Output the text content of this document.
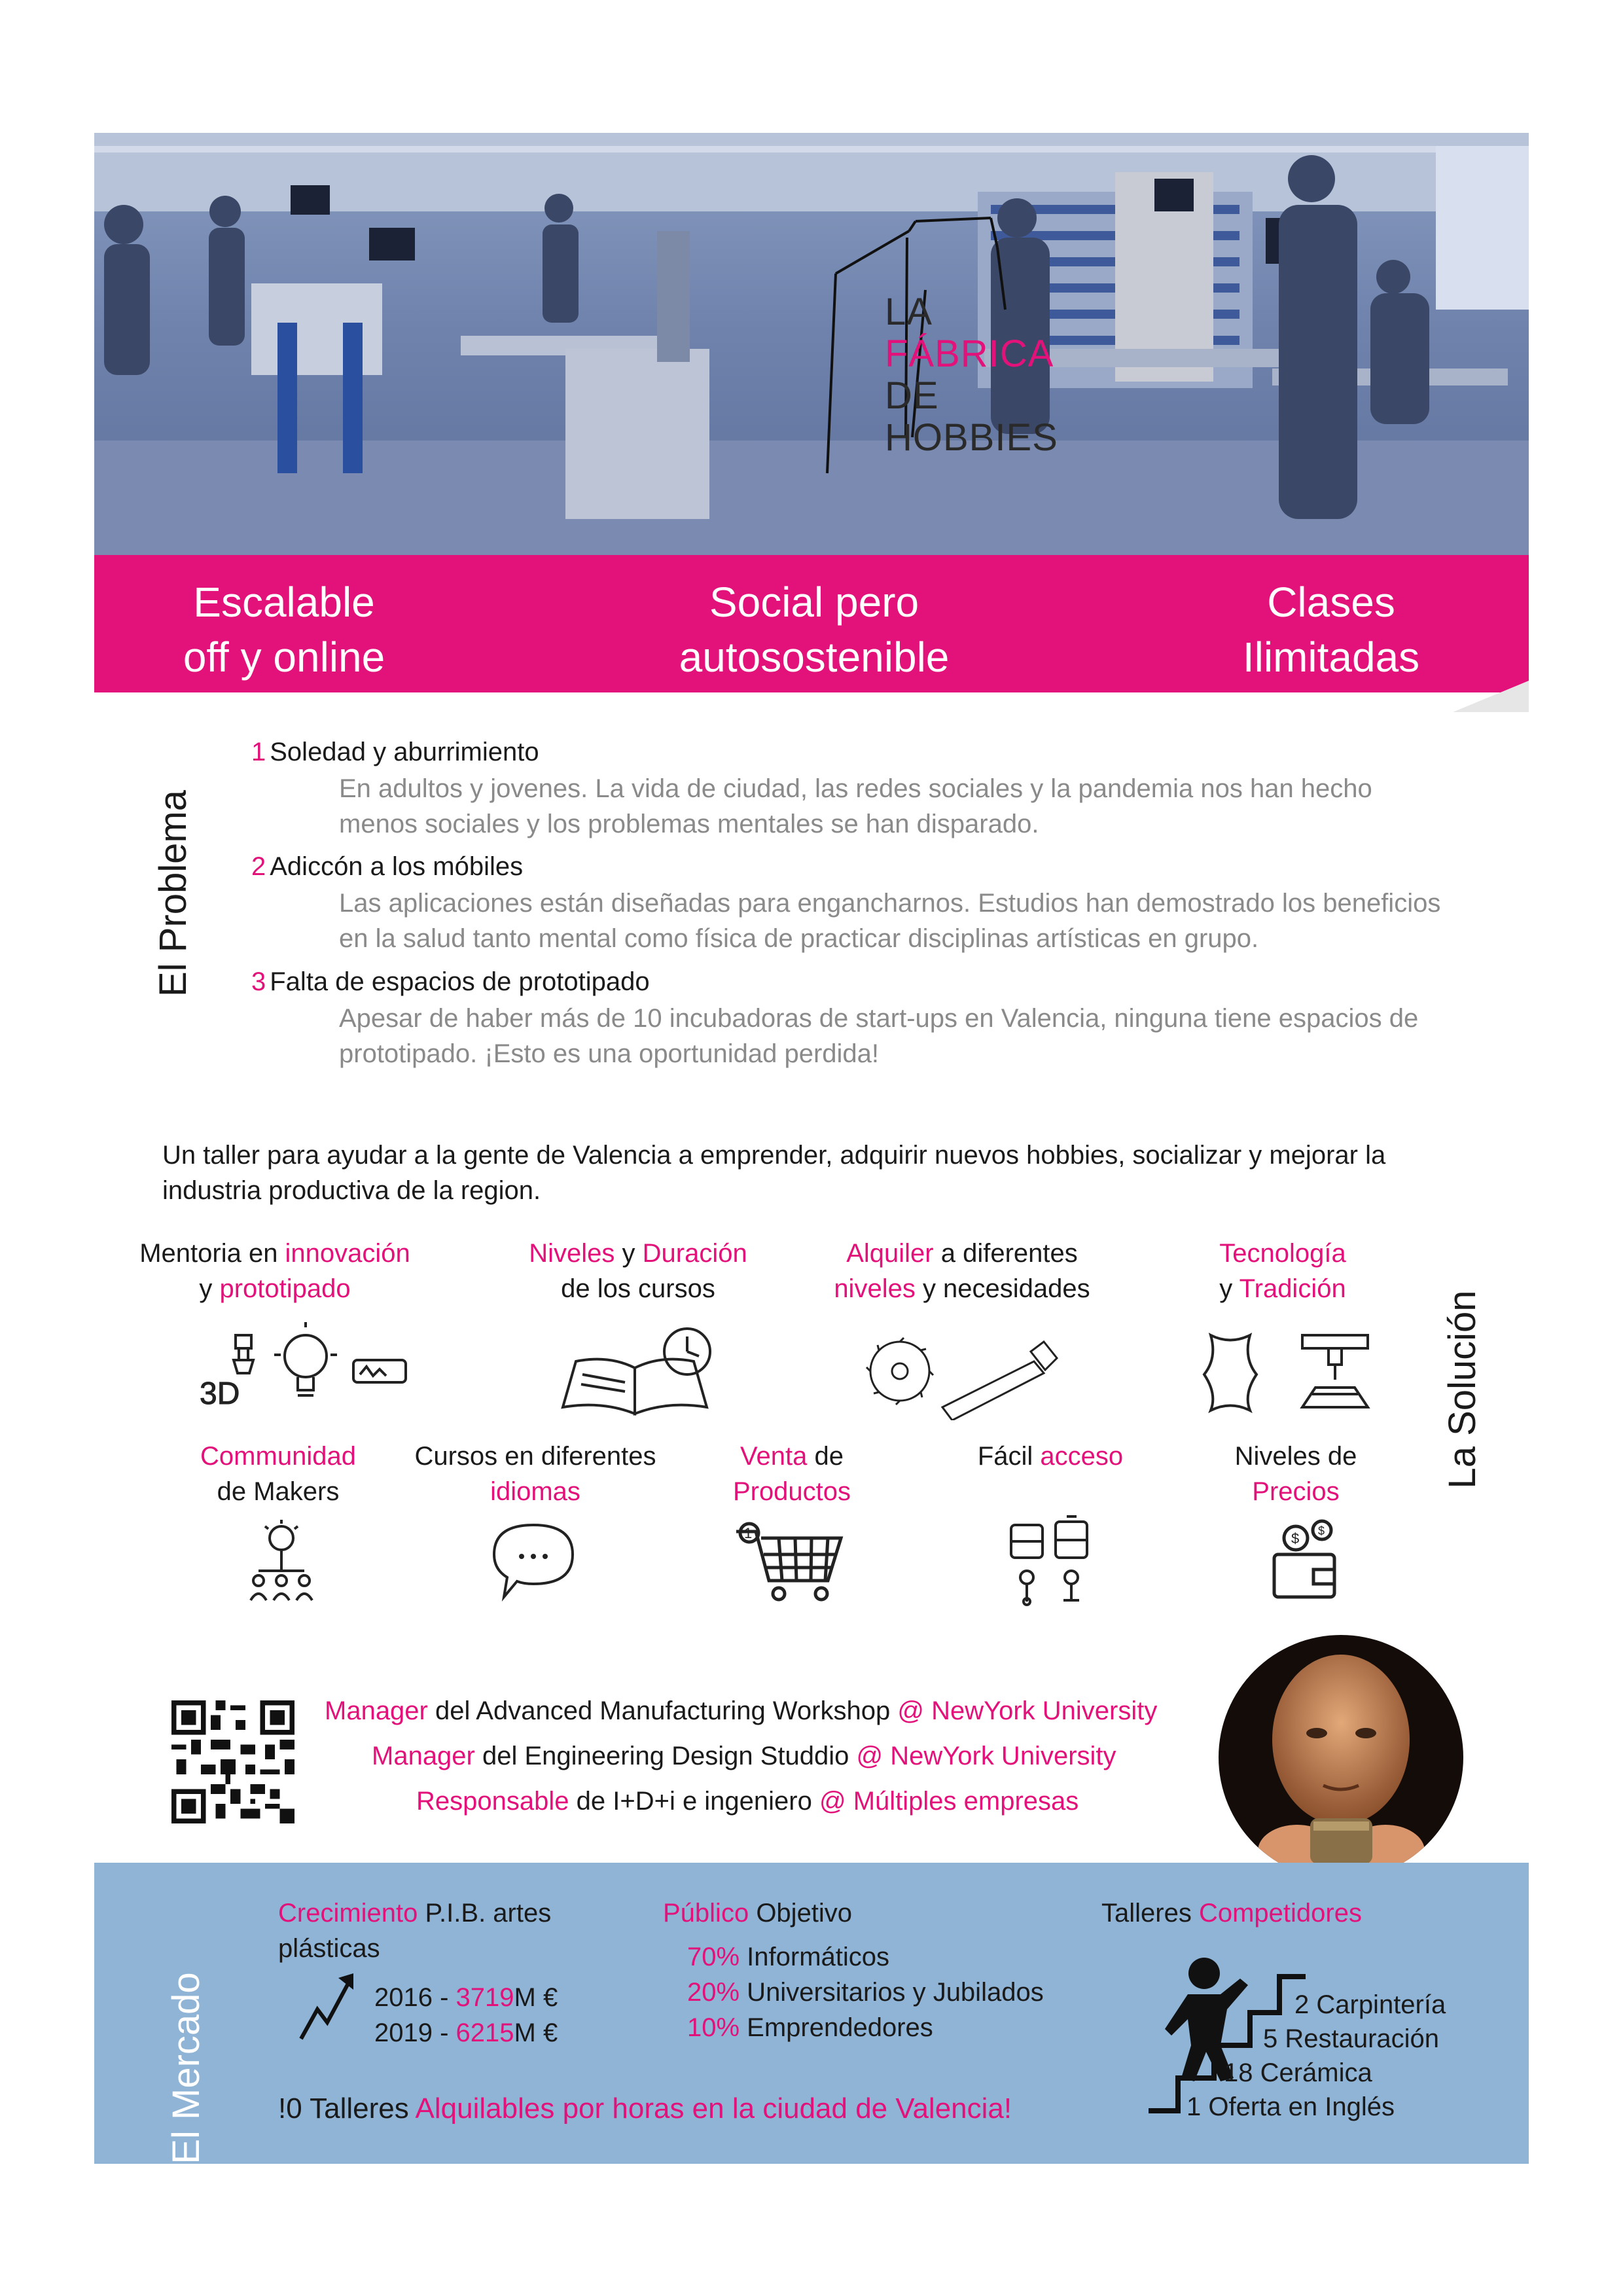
LA
FÁBRICA
DE
HOBBIES
Escalable
off y online
Social pero
autosostenible
Clases
Ilimitadas
El Problema
1 Soledad y aburrimiento
En adultos y jovenes. La vida de ciudad, las redes sociales y la pandemia nos han hecho
menos sociales y los problemas mentales se han disparado.
2 Adiccón a los móbiles
Las aplicaciones están diseñadas para engancharnos. Estudios han demostrado los beneficios
en la salud tanto mental como física de practicar disciplinas artísticas en grupo.
3 Falta de espacios de prototipado
Apesar de haber más de 10 incubadoras de start-ups en Valencia, ninguna tiene espacios de
prototipado. ¡Esto es una oportunidad perdida!
Un taller para ayudar a la gente de Valencia a emprender, adquirir nuevos hobbies, socializar y mejorar la
industria productiva de la region.
La Solución
Mentoria en innovación
y prototipado
Niveles y Duración
de los cursos
Alquiler a diferentes
niveles y necesidades
Tecnología
y Tradición
3D
Communidad
de Makers
Cursos en diferentes
idiomas
Venta de
Productos
Fácil acceso	Niveles de
Precios
1	$ $
Manager del Advanced Manufacturing Workshop @ NewYork University
Manager del Engineering Design Studdio @ NewYork University
Responsable de I+D+i e ingeniero @ Múltiples empresas
El Mercado
Crecimiento P.I.B. artes
plásticas
2016 - 3719M €
2019 - 6215M €
Público Objetivo
70% Informáticos
20% Universitarios y Jubilados
10% Emprendedores
Talleres Competidores
2 Carpintería
5 Restauración
18 Cerámica
1 Oferta en Inglés
!0 Talleres Alquilables por horas en la ciudad de Valencia!
